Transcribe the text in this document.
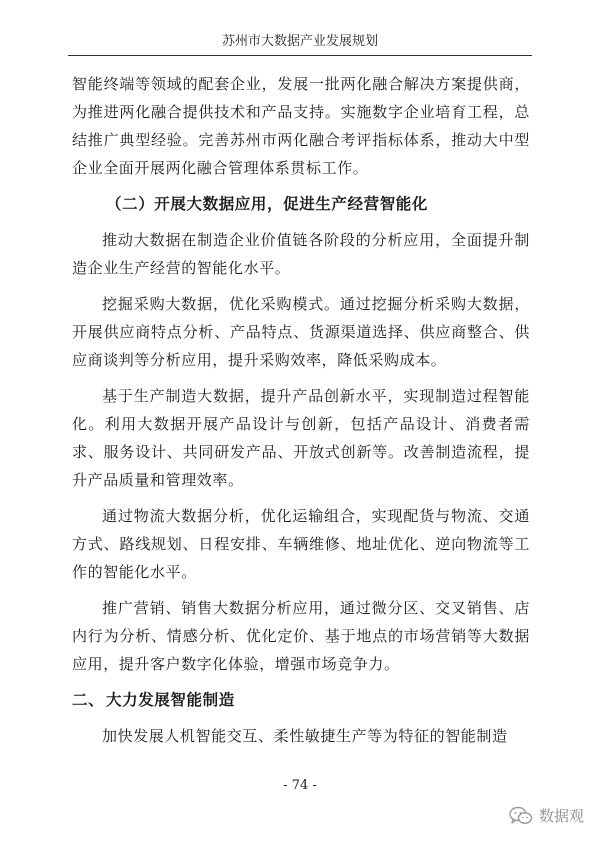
苏州市大数据产业发展规划

智能终端等领域的配套企业，发展一批两化融合解决方案提供商，为推进两化融合提供技术和产品支持。实施数字企业培育工程，总结推广典型经验。完善苏州市两化融合考评指标体系，推动大中型企业全面开展两化融合管理体系贯标工作。

（二）开展大数据应用，促进生产经营智能化

推动大数据在制造企业价值链各阶段的分析应用，全面提升制造企业生产经营的智能化水平。

挖掘采购大数据，优化采购模式。通过挖掘分析采购大数据，开展供应商特点分析、产品特点、货源渠道选择、供应商整合、供应商谈判等分析应用，提升采购效率，降低采购成本。

基于生产制造大数据，提升产品创新水平，实现制造过程智能化。利用大数据开展产品设计与创新，包括产品设计、消费者需求、服务设计、共同研发产品、开放式创新等。改善制造流程，提升产品质量和管理效率。

通过物流大数据分析，优化运输组合，实现配货与物流、交通方式、路线规划、日程安排、车辆维修、地址优化、逆向物流等工作的智能化水平。

推广营销、销售大数据分析应用，通过微分区、交叉销售、店内行为分析、情感分析、优化定价、基于地点的市场营销等大数据应用，提升客户数字化体验，增强市场竞争力。

二、 大力发展智能制造

加快发展人机智能交互、柔性敏捷生产等为特征的智能制造

- 74 -
数据观
